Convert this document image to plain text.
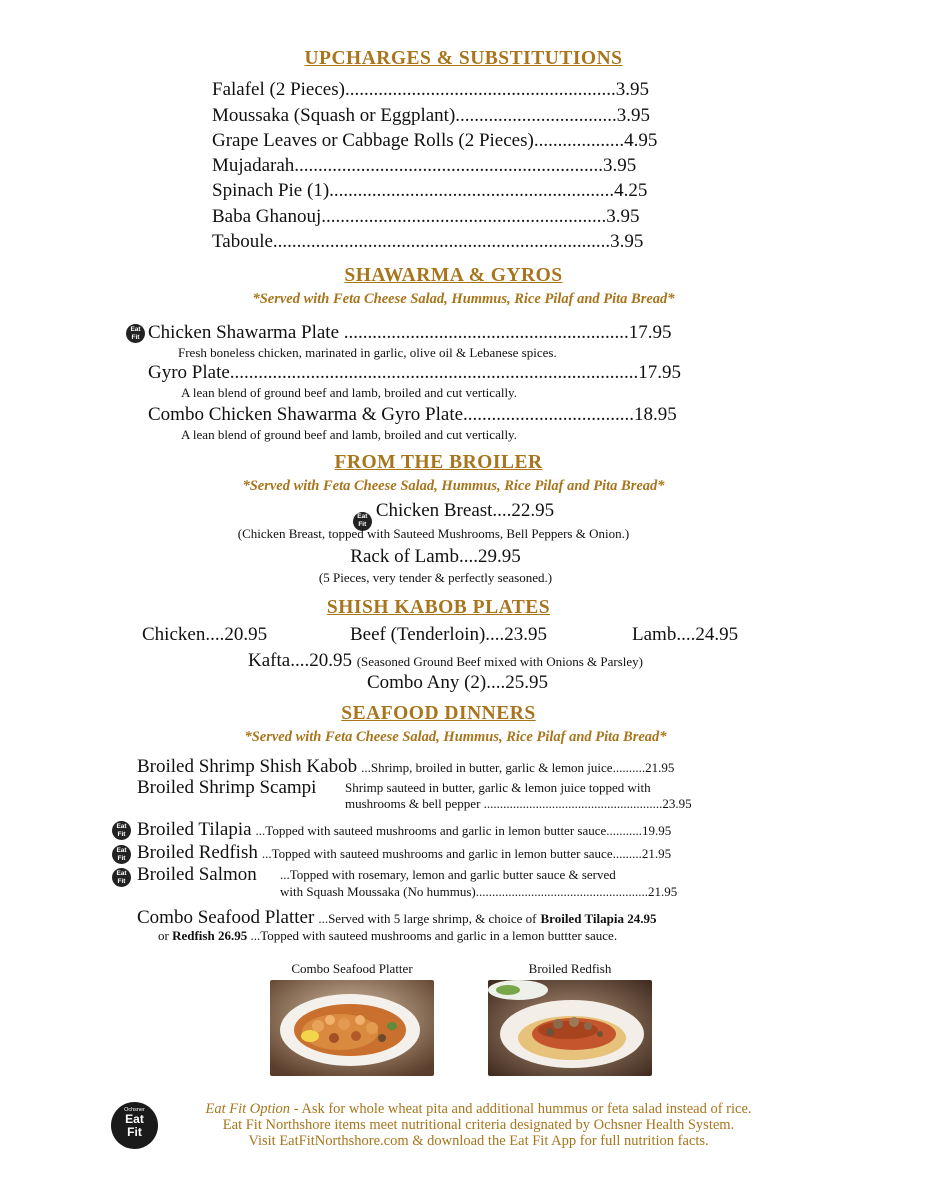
UPCHARGES & SUBSTITUTIONS
Falafel (2 Pieces).........................................................3.95
Moussaka (Squash or Eggplant)..................................3.95
Grape Leaves or Cabbage Rolls (2 Pieces)...................4.95
Mujadarah.................................................................3.95
Spinach Pie (1)............................................................4.25
Baba Ghanouj............................................................3.95
Taboule.......................................................................3.95
SHAWARMA & GYROS
*Served with Feta Cheese Salad, Hummus, Rice Pilaf and Pita Bread*
Eat
Fit Chicken Shawarma Plate ............................................................17.95
Fresh boneless chicken, marinated in garlic, olive oil & Lebanese spices.
Gyro Plate......................................................................................17.95
A lean blend of ground beef and lamb, broiled and cut vertically.
Combo Chicken Shawarma & Gyro Plate....................................18.95
A lean blend of ground beef and lamb, broiled and cut vertically.
FROM THE BROILER
*Served with Feta Cheese Salad, Hummus, Rice Pilaf and Pita Bread*
Eat
Fit
Chicken Breast....22.95
(Chicken Breast, topped with Sauteed Mushrooms, Bell Peppers & Onion.)
Rack of Lamb....29.95
(5 Pieces, very tender & perfectly seasoned.)
SHISH KABOB PLATES
Chicken....20.95	Beef (Tenderloin)....23.95	Lamb....24.95
Kafta....20.95 (Seasoned Ground Beef mixed with Onions & Parsley)
Combo Any (2)....25.95
SEAFOOD DINNERS
*Served with Feta Cheese Salad, Hummus, Rice Pilaf and Pita Bread*
Broiled Shrimp Shish Kabob ...Shrimp, broiled in butter, garlic & lemon juice..........21.95
Broiled Shrimp Scampi Shrimp sauteed in butter, garlic & lemon juice topped with
mushrooms & bell pepper .......................................................23.95
Eat
Fit Broiled Tilapia ...Topped with sauteed mushrooms and garlic in lemon butter sauce...........19.95
Eat
Fit Broiled Redfish ...Topped with sauteed mushrooms and garlic in lemon butter sauce.........21.95
Eat
Fit Broiled Salmon ...Topped with rosemary, lemon and garlic butter sauce & served
with Squash Moussaka (No hummus).....................................................21.95
Combo Seafood Platter ...Served with 5 large shrimp, & choice of Broiled Tilapia 24.95
or Redfish 26.95 ...Topped with sauteed mushrooms and garlic in a lemon buttter sauce.
Combo Seafood Platter	Broiled Redfish
Ochsner
Eat
Fit
Eat Fit Option - Ask for whole wheat pita and additional hummus or feta salad instead of rice.
Eat Fit Northshore items meet nutritional criteria designated by Ochsner Health System.
Visit EatFitNorthshore.com & download the Eat Fit App for full nutrition facts.
